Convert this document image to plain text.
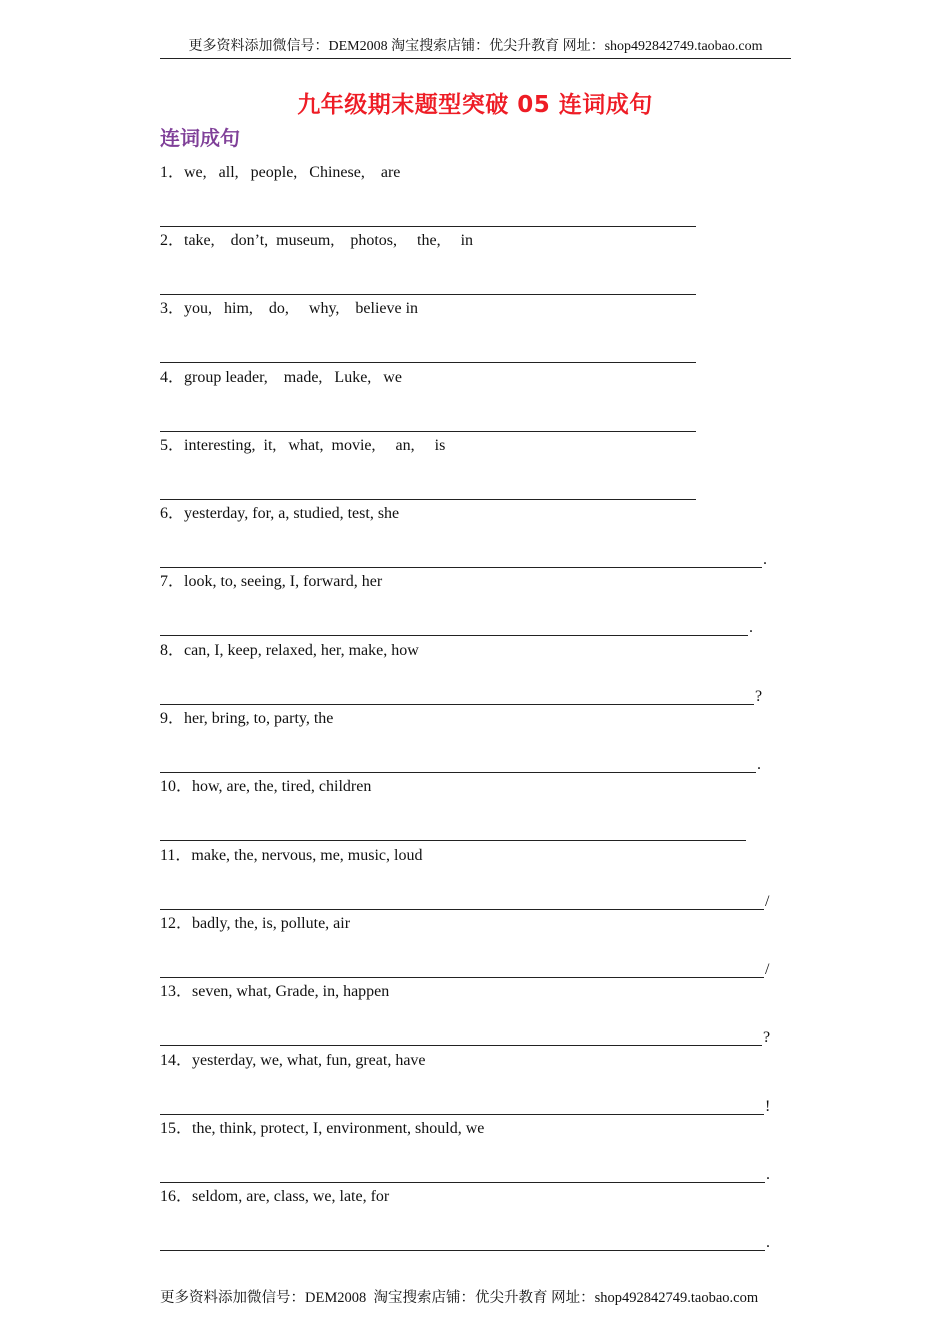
更多资料添加微信号：DEM2008 淘宝搜索店铺：优尖升教育 网址：shop492842749.taobao.com
九年级期末题型突破 05 连词成句
连词成句
1．we,   all,   people,   Chinese,    are
2．take,    don’t,  museum,    photos,     the,     in
3．you,   him,    do,     why,    believe in
4．group leader,    made,   Luke,   we
5．interesting,  it,   what,  movie,     an,     is
6．yesterday, for, a, studied, test, she
.
7．look, to, seeing, I, forward, her
.
8．can, I, keep, relaxed, her, make, how
?
9．her, bring, to, party, the
.
10．how, are, the, tired, children
11．make, the, nervous, me, music, loud
/
12．badly, the, is, pollute, air
/
13．seven, what, Grade, in, happen
?
14．yesterday, we, what, fun, great, have
!
15．the, think, protect, I, environment, should, we
.
16．seldom, are, class, we, late, for
.
更多资料添加微信号：DEM2008  淘宝搜索店铺：优尖升教育 网址：shop492842749.taobao.com
